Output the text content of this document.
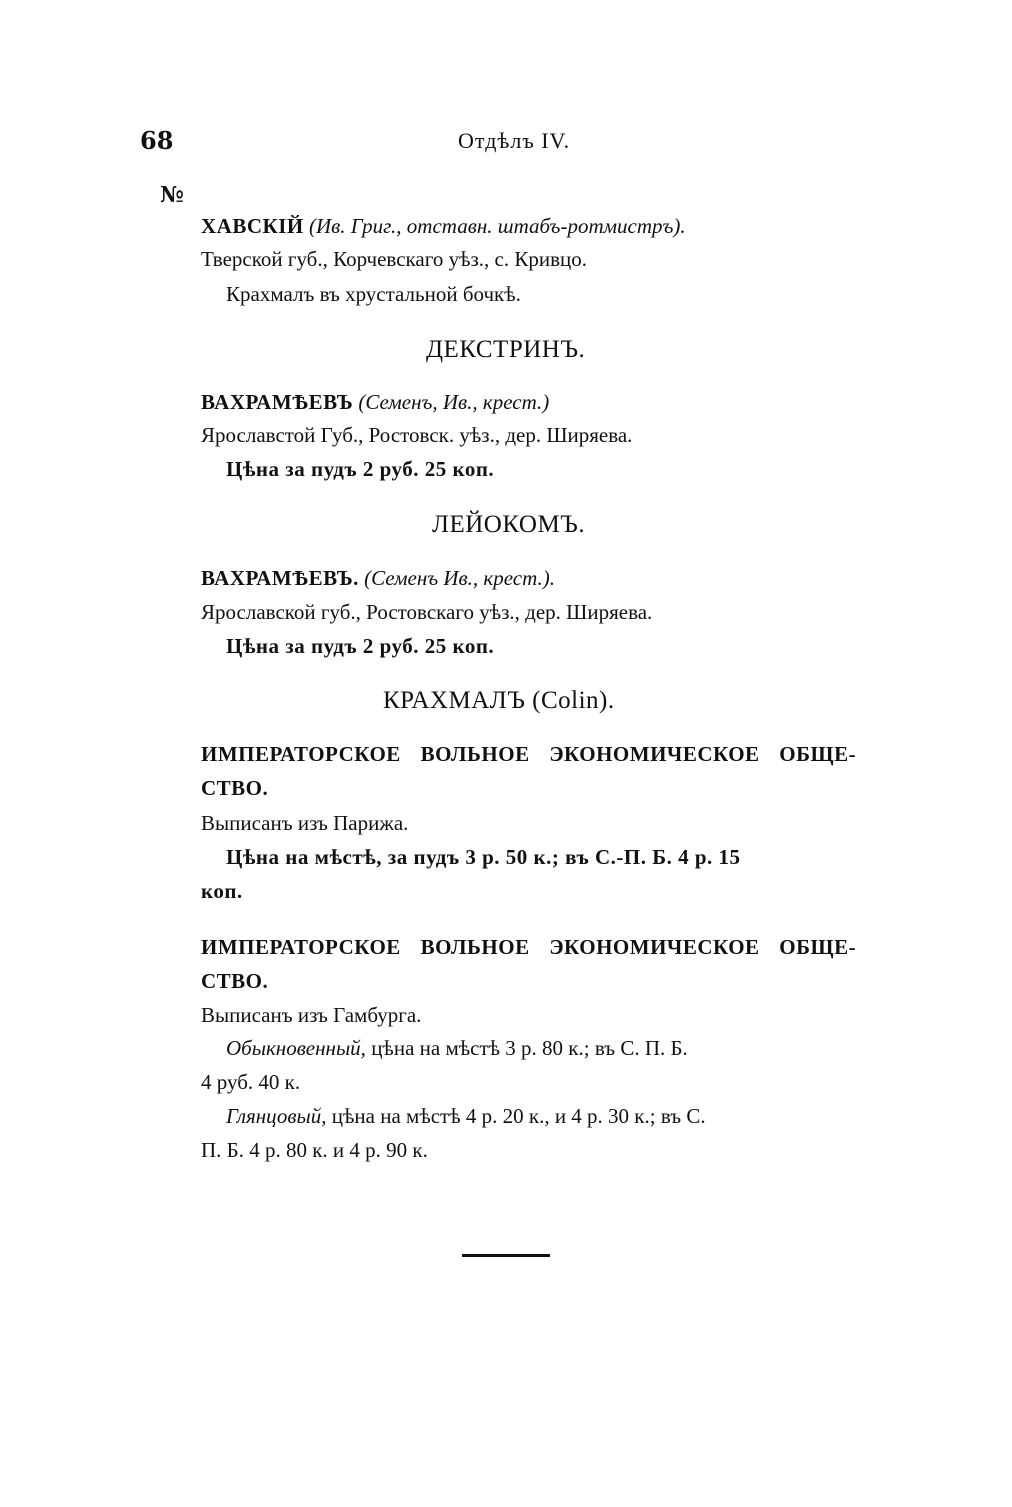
68	Отдѣлъ IV.
№
ХАВСКІЙ (Ив. Григ., отставн. штабъ-ротмистръ).
Тверской губ., Корчевскаго уѣз., с. Кривцо.
Крахмалъ въ хрустальной бочкѣ.
ДЕКСТРИНЪ.
ВАХРАМѢЕВЪ (Семенъ, Ив., крест.)
Ярославстой Губ., Ростовск. уѣз., дер. Ширяева.
Цѣна за пудъ 2 руб. 25 коп.
ЛЕЙОКОМЪ.
ВАХРАМѢЕВЪ. (Семенъ Ив., крест.).
Ярославской губ., Ростовскаго уѣз., дер. Ширяева.
Цѣна за пудъ 2 руб. 25 коп.
КРАХМАЛЪ (Colin).
ИМПЕРАТОРСКОЕ ВОЛЬНОЕ ЭКОНОМИЧЕСКОЕ ОБЩЕ-
СТВО.
Выписанъ изъ Парижа.
Цѣна на мѣстѣ, за пудъ 3 р. 50 к.; въ С.-П. Б. 4 р. 15
коп.
ИМПЕРАТОРСКОЕ ВОЛЬНОЕ ЭКОНОМИЧЕСКОЕ ОБЩЕ-
СТВО.
Выписанъ изъ Гамбурга.
Обыкновенный, цѣна на мѣстѣ 3 р. 80 к.; въ С. П. Б.
4 руб. 40 к.
Глянцовый, цѣна на мѣстѣ 4 р. 20 к., и 4 р. 30 к.; въ С.
П. Б. 4 р. 80 к. и 4 р. 90 к.
